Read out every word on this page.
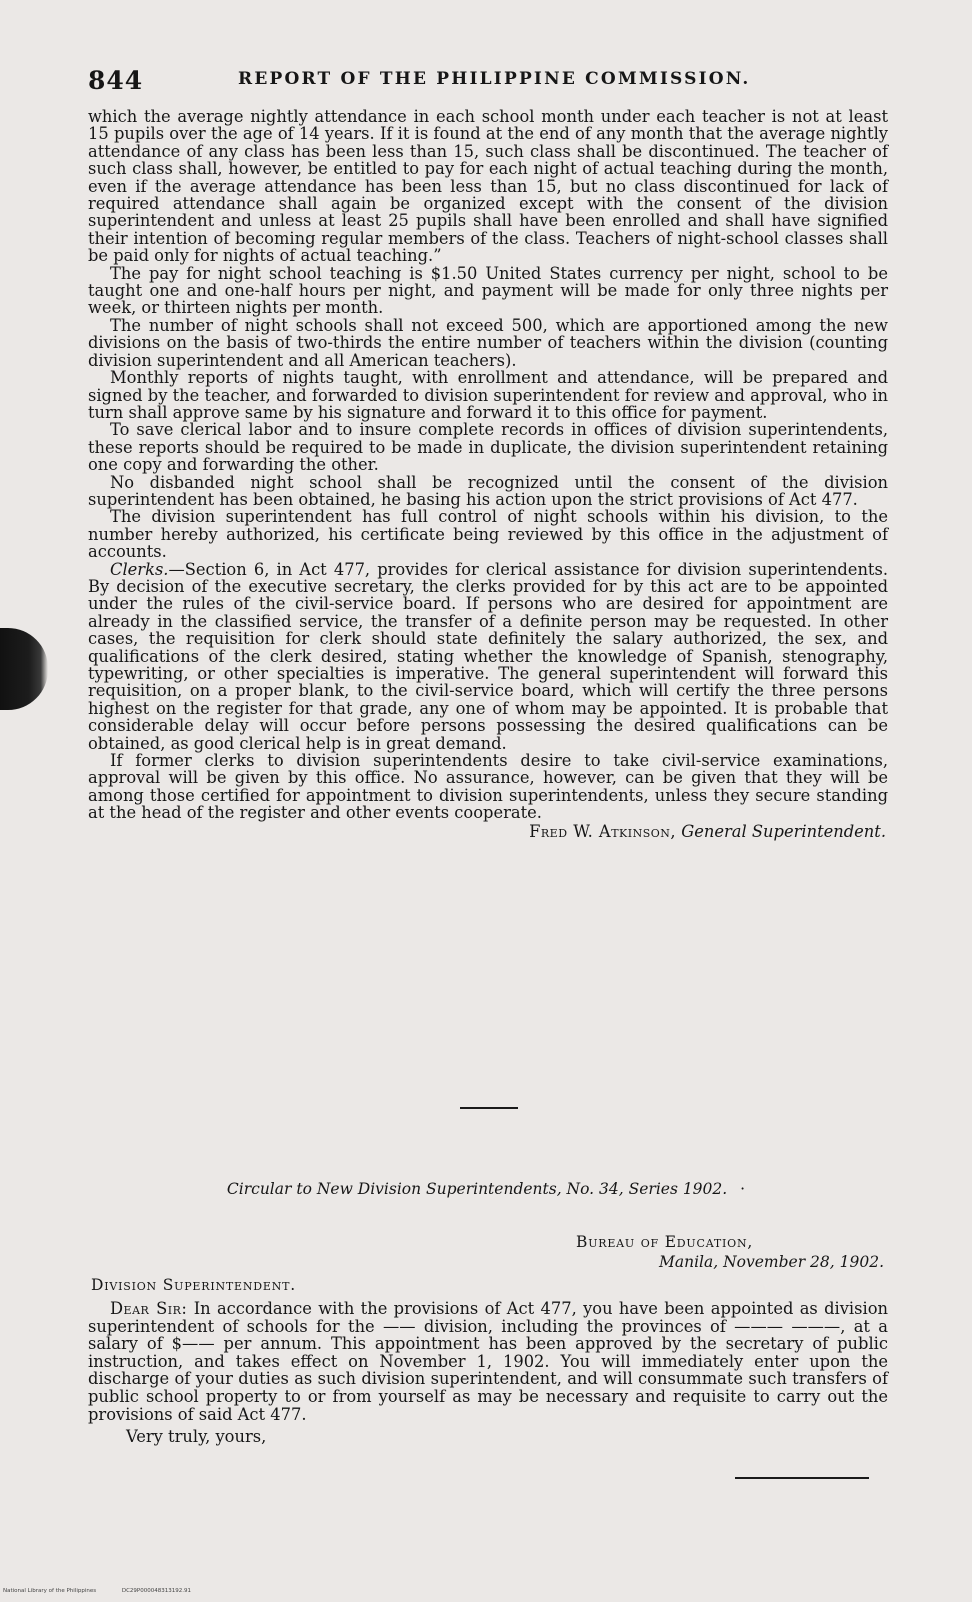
844	REPORT OF THE PHILIPPINE COMMISSION.

which the average nightly attendance in each school month under each teacher is not at least 15 pupils over the age of 14 years. If it is found at the end of any month that the average nightly attendance of any class has been less than 15, such class shall be discontinued. The teacher of such class shall, however, be entitled to pay for each night of actual teaching during the month, even if the average attendance has been less than 15, but no class discontinued for lack of required attendance shall again be organized except with the consent of the division superintendent and unless at least 25 pupils shall have been enrolled and shall have signified their intention of becoming regular members of the class. Teachers of night-school classes shall be paid only for nights of actual teaching.”

The pay for night school teaching is $1.50 United States currency per night, school to be taught one and one-half hours per night, and payment will be made for only three nights per week, or thirteen nights per month.

The number of night schools shall not exceed 500, which are apportioned among the new divisions on the basis of two-thirds the entire number of teachers within the division (counting division superintendent and all American teachers).

Monthly reports of nights taught, with enrollment and attendance, will be prepared and signed by the teacher, and forwarded to division superintendent for review and approval, who in turn shall approve same by his signature and forward it to this office for payment.

To save clerical labor and to insure complete records in offices of division superintendents, these reports should be required to be made in duplicate, the division superintendent retaining one copy and forwarding the other.

No disbanded night school shall be recognized until the consent of the division superintendent has been obtained, he basing his action upon the strict provisions of Act 477.

The division superintendent has full control of night schools within his division, to the number hereby authorized, his certificate being reviewed by this office in the adjustment of accounts.

Clerks.—Section 6, in Act 477, provides for clerical assistance for division superintendents. By decision of the executive secretary, the clerks provided for by this act are to be appointed under the rules of the civil-service board. If persons who are desired for appointment are already in the classified service, the transfer of a definite person may be requested. In other cases, the requisition for clerk should state definitely the salary authorized, the sex, and qualifications of the clerk desired, stating whether the knowledge of Spanish, stenography, typewriting, or other specialties is imperative. The general superintendent will forward this requisition, on a proper blank, to the civil-service board, which will certify the three persons highest on the register for that grade, any one of whom may be appointed. It is probable that considerable delay will occur before persons possessing the desired qualifications can be obtained, as good clerical help is in great demand.

If former clerks to division superintendents desire to take civil-service examinations, approval will be given by this office. No assurance, however, can be given that they will be among those certified for appointment to division superintendents, unless they secure standing at the head of the register and other events cooperate.

Fred W. Atkinson, General Superintendent.
Circular to New Division Superintendents, No. 34, Series 1902. ·
Bureau of Education,
Manila, November 28, 1902.
Division Superintendent.

Dear Sir: In accordance with the provisions of Act 477, you have been appointed as division superintendent of schools for the —— division, including the provinces of ——— ———, at a salary of $—— per annum. This appointment has been approved by the secretary of public instruction, and takes effect on November 1, 1902. You will immediately enter upon the discharge of your duties as such division superintendent, and will consummate such transfers of public school property to or from yourself as may be necessary and requisite to carry out the provisions of said Act 477.

Very truly, yours,
National Library of the Philippines	DC29P000048313192.91
